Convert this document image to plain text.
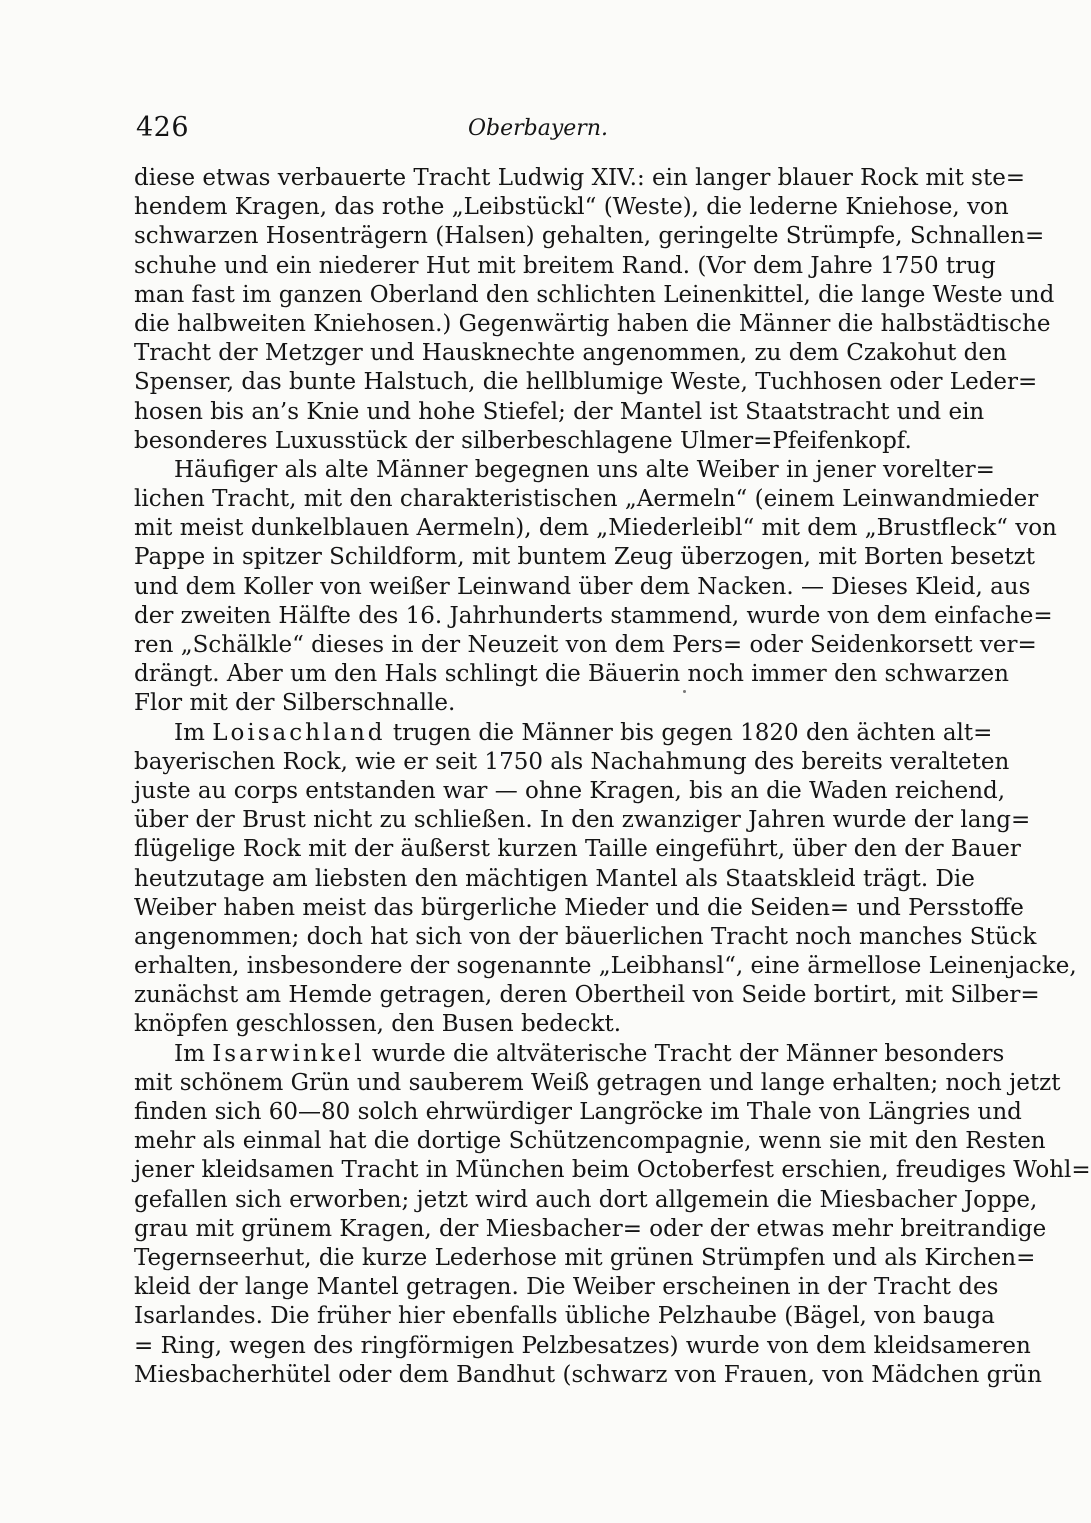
426	Oberbayern.
diese etwas verbauerte Tracht Ludwig XIV.: ein langer blauer Rock mit ste=
hendem Kragen, das rothe „Leibstückl“ (Weste), die lederne Kniehose, von
schwarzen Hosenträgern (Halsen) gehalten, geringelte Strümpfe, Schnallen=
schuhe und ein niederer Hut mit breitem Rand. (Vor dem Jahre 1750 trug
man fast im ganzen Oberland den schlichten Leinenkittel, die lange Weste und
die halbweiten Kniehosen.) Gegenwärtig haben die Männer die halbstädtische
Tracht der Metzger und Hausknechte angenommen, zu dem Czakohut den
Spenser, das bunte Halstuch, die hellblumige Weste, Tuchhosen oder Leder=
hosen bis an’s Knie und hohe Stiefel; der Mantel ist Staatstracht und ein
besonderes Luxusstück der silberbeschlagene Ulmer=Pfeifenkopf.
Häufiger als alte Männer begegnen uns alte Weiber in jener vorelter=
lichen Tracht, mit den charakteristischen „Aermeln“ (einem Leinwandmieder
mit meist dunkelblauen Aermeln), dem „Miederleibl“ mit dem „Brustfleck“ von
Pappe in spitzer Schildform, mit buntem Zeug überzogen, mit Borten besetzt
und dem Koller von weißer Leinwand über dem Nacken. — Dieses Kleid, aus
der zweiten Hälfte des 16. Jahrhunderts stammend, wurde von dem einfache=
ren „Schälkle“ dieses in der Neuzeit von dem Pers= oder Seidenkorsett ver=
drängt. Aber um den Hals schlingt die Bäuerin noch immer den schwarzen
Flor mit der Silberschnalle.
Im Loisachland trugen die Männer bis gegen 1820 den ächten alt=
bayerischen Rock, wie er seit 1750 als Nachahmung des bereits veralteten
juste au corps entstanden war — ohne Kragen, bis an die Waden reichend,
über der Brust nicht zu schließen. In den zwanziger Jahren wurde der lang=
flügelige Rock mit der äußerst kurzen Taille eingeführt, über den der Bauer
heutzutage am liebsten den mächtigen Mantel als Staatskleid trägt. Die
Weiber haben meist das bürgerliche Mieder und die Seiden= und Persstoffe
angenommen; doch hat sich von der bäuerlichen Tracht noch manches Stück
erhalten, insbesondere der sogenannte „Leibhansl“, eine ärmellose Leinenjacke,
zunächst am Hemde getragen, deren Obertheil von Seide bortirt, mit Silber=
knöpfen geschlossen, den Busen bedeckt.
Im Isarwinkel wurde die altväterische Tracht der Männer besonders
mit schönem Grün und sauberem Weiß getragen und lange erhalten; noch jetzt
finden sich 60—80 solch ehrwürdiger Langröcke im Thale von Längries und
mehr als einmal hat die dortige Schützencompagnie, wenn sie mit den Resten
jener kleidsamen Tracht in München beim Octoberfest erschien, freudiges Wohl=
gefallen sich erworben; jetzt wird auch dort allgemein die Miesbacher Joppe,
grau mit grünem Kragen, der Miesbacher= oder der etwas mehr breitrandige
Tegernseerhut, die kurze Lederhose mit grünen Strümpfen und als Kirchen=
kleid der lange Mantel getragen. Die Weiber erscheinen in der Tracht des
Isarlandes. Die früher hier ebenfalls übliche Pelzhaube (Bägel, von bauga
= Ring, wegen des ringförmigen Pelzbesatzes) wurde von dem kleidsameren
Miesbacherhütel oder dem Bandhut (schwarz von Frauen, von Mädchen grün
